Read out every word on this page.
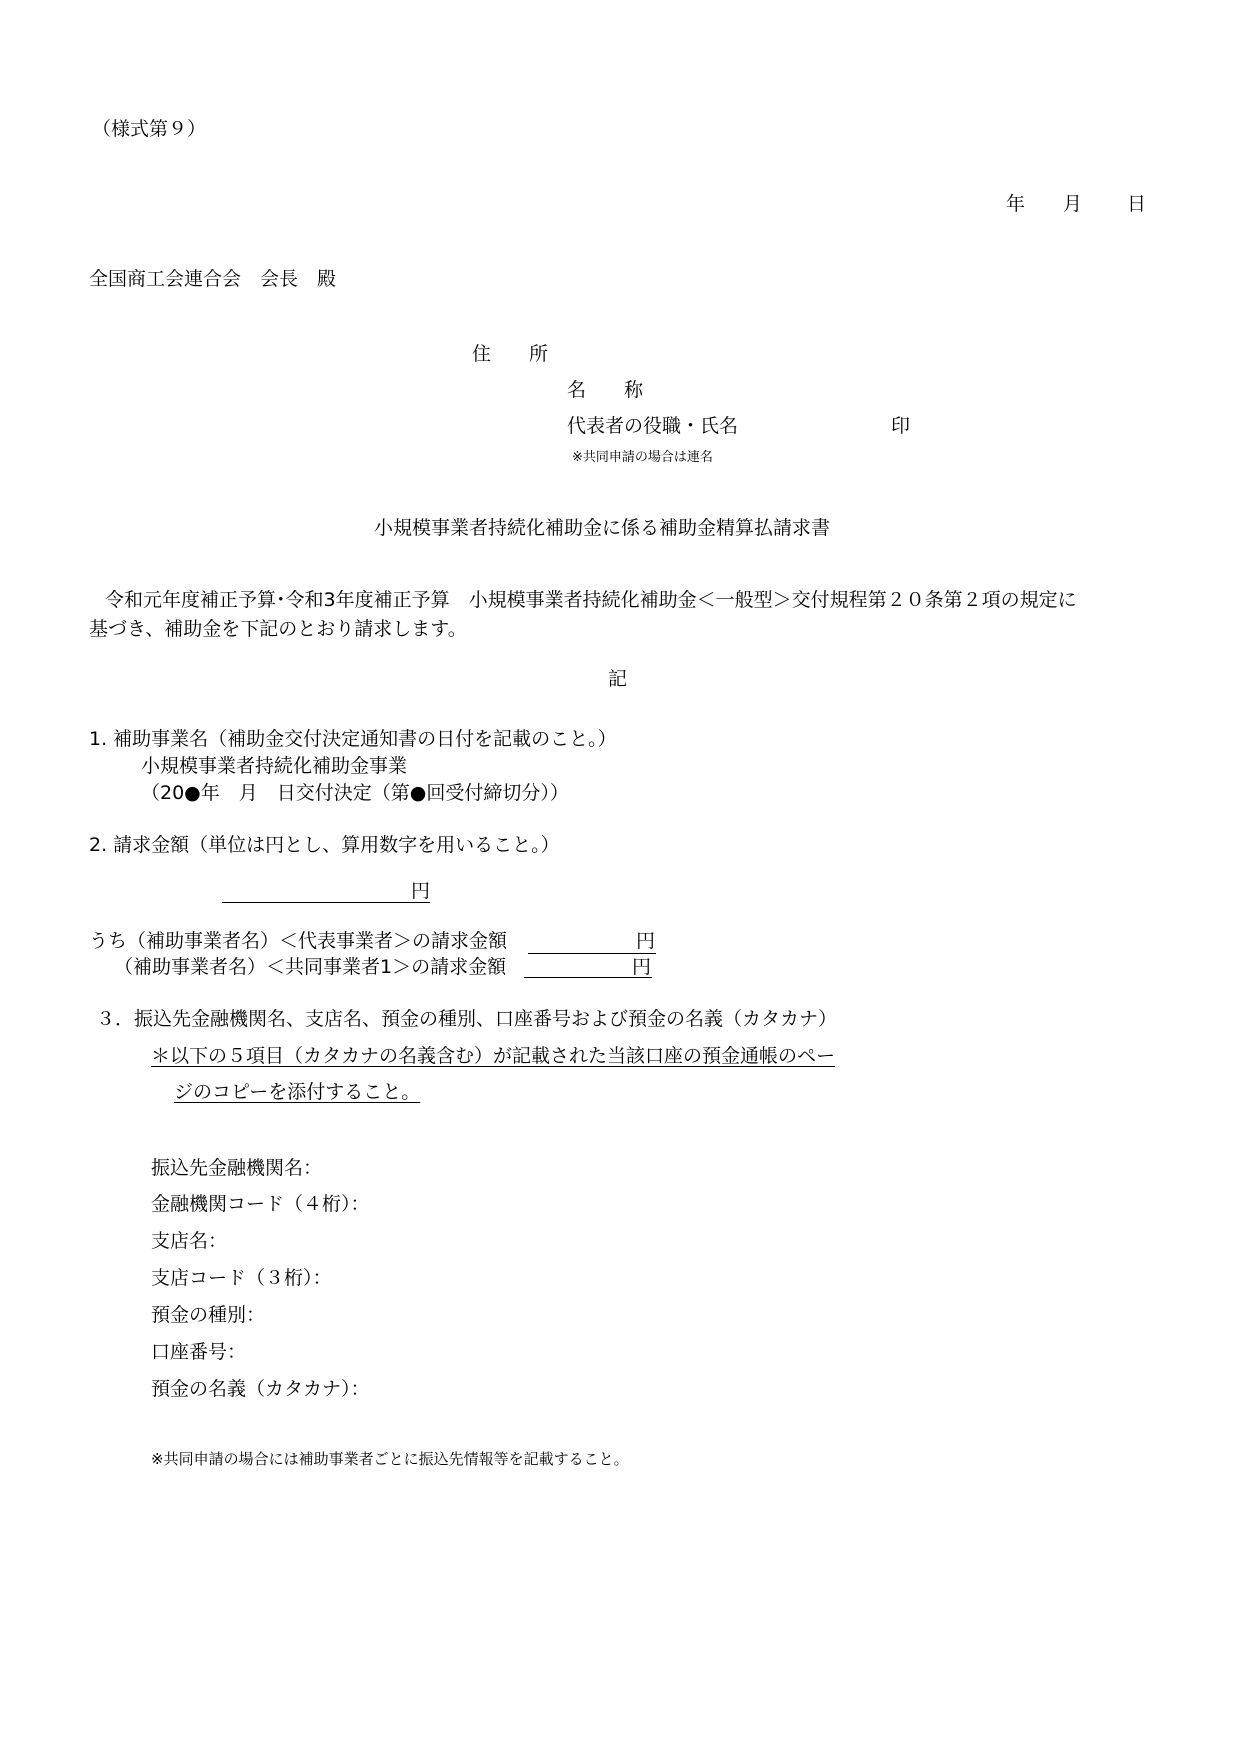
（様式第９）
年 月 日
全国商工会連合会　会長　殿
住　　所
名　　称
代表者の役職・氏名	印
※共同申請の場合は連名
小規模事業者持続化補助金に係る補助金精算払請求書
令和元年度補正予算･令和3年度補正予算　小規模事業者持続化補助金＜一般型＞交付規程第２０条第２項の規定に
基づき、補助金を下記のとおり請求します。
記
1. 補助事業名（補助金交付決定通知書の日付を記載のこと。）
小規模事業者持続化補助金事業
（20●年　月　日交付決定（第●回受付締切分））
2. 請求金額（単位は円とし、算用数字を用いること。）
円
うち（補助事業者名）＜代表事業者＞の請求金額	円
（補助事業者名）＜共同事業者1＞の請求金額	円
３．振込先金融機関名、支店名、預金の種別、口座番号および預金の名義（カタカナ）
＊以下の５項目（カタカナの名義含む）が記載された当該口座の預金通帳のペー
ジのコピーを添付すること。
振込先金融機関名：
金融機関コード（４桁）：
支店名：
支店コード（３桁）：
預金の種別：
口座番号：
預金の名義（カタカナ）：
※共同申請の場合には補助事業者ごとに振込先情報等を記載すること。
